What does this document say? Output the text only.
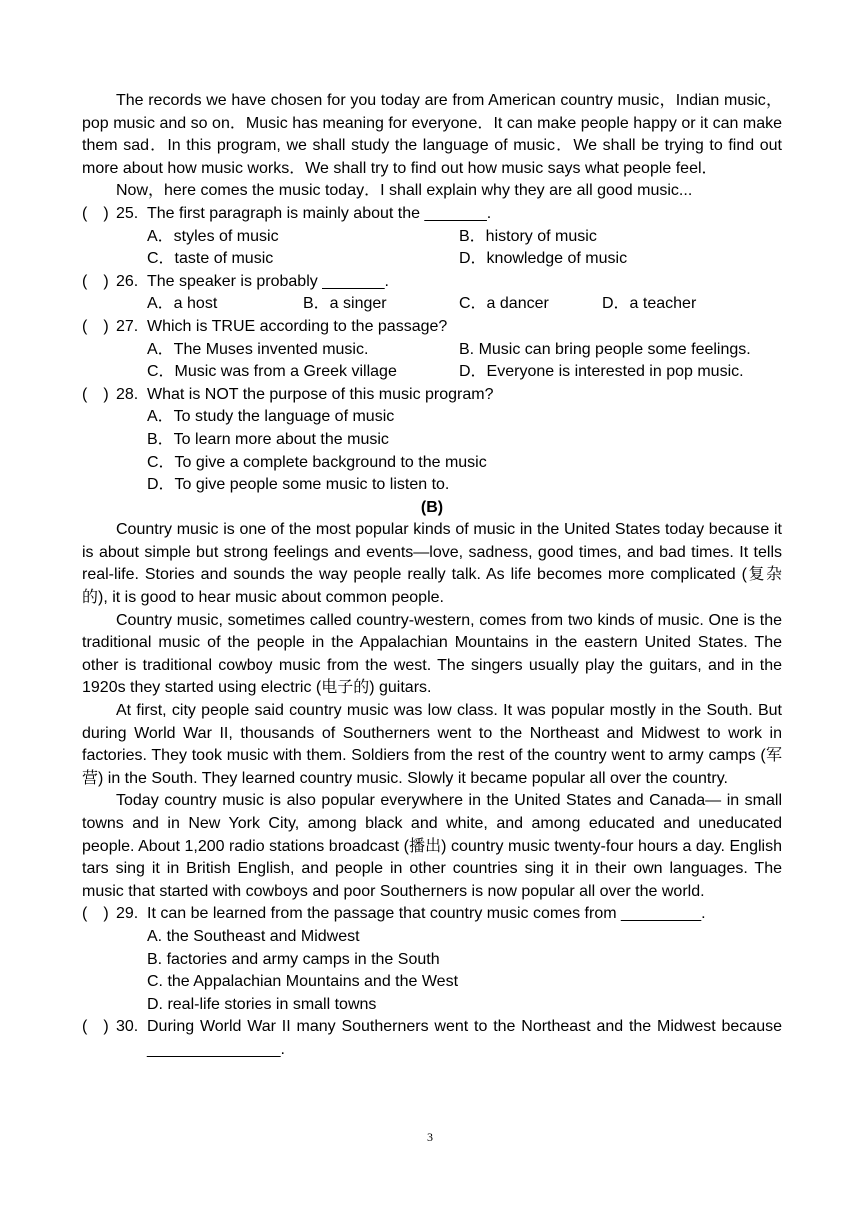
The records we have chosen for you today are from American country music，Indian music，pop music and so on．Music has meaning for everyone．It can make people happy or it can make them sad．In this program, we shall study the language of music．We shall be trying to find out more about how music works．We shall try to find out how music says what people feel．

Now，here comes the music today．I shall explain why they are all good music...

(　) 25. The first paragraph is mainly about the _______.

A．styles of music	B．history of music
C．taste of music	D．knowledge of music

(　) 26. The speaker is probably _______.

A．a host	B．a singer	C．a dancer	D．a teacher

(　) 27. Which is TRUE according to the passage?

A．The Muses invented music.	B. Music can bring people some feelings.
C．Music was from a Greek village	D．Everyone is interested in pop music.

(　) 28. What is NOT the purpose of this music program?

A．To study the language of music
B．To learn more about the music
C．To give a complete background to the music
D．To give people some music to listen to.

(B)

Country music is one of the most popular kinds of music in the United States today because it is about simple but strong feelings and events—love, sadness, good times, and bad times. It tells real-life. Stories and sounds the way people really talk. As life becomes more complicated (复杂的), it is good to hear music about common people.

Country music, sometimes called country-western, comes from two kinds of music. One is the traditional music of the people in the Appalachian Mountains in the eastern United States. The other is traditional cowboy music from the west. The singers usually play the guitars, and in the 1920s they started using electric (电子的) guitars.

At first, city people said country music was low class. It was popular mostly in the South. But during World War II, thousands of Southerners went to the Northeast and Midwest to work in factories. They took music with them. Soldiers from the rest of the country went to army camps (军营) in the South. They learned country music. Slowly it became popular all over the country.

Today country music is also popular everywhere in the United States and Canada— in small towns and in New York City, among black and white, and among educated and uneducated people. About 1,200 radio stations broadcast (播出) country music twenty-four hours a day. English tars sing it in British English, and people in other countries sing it in their own languages. The music that started with cowboys and poor Southerners is now popular all over the world.

(　) 29. It can be learned from the passage that country music comes from _________.

A. the Southeast and Midwest
B. factories and army camps in the South
C. the Appalachian Mountains and the West
D. real-life stories in small towns

(　) 30. During World War II many Southerners went to the Northeast and the Midwest because _______________.

3
